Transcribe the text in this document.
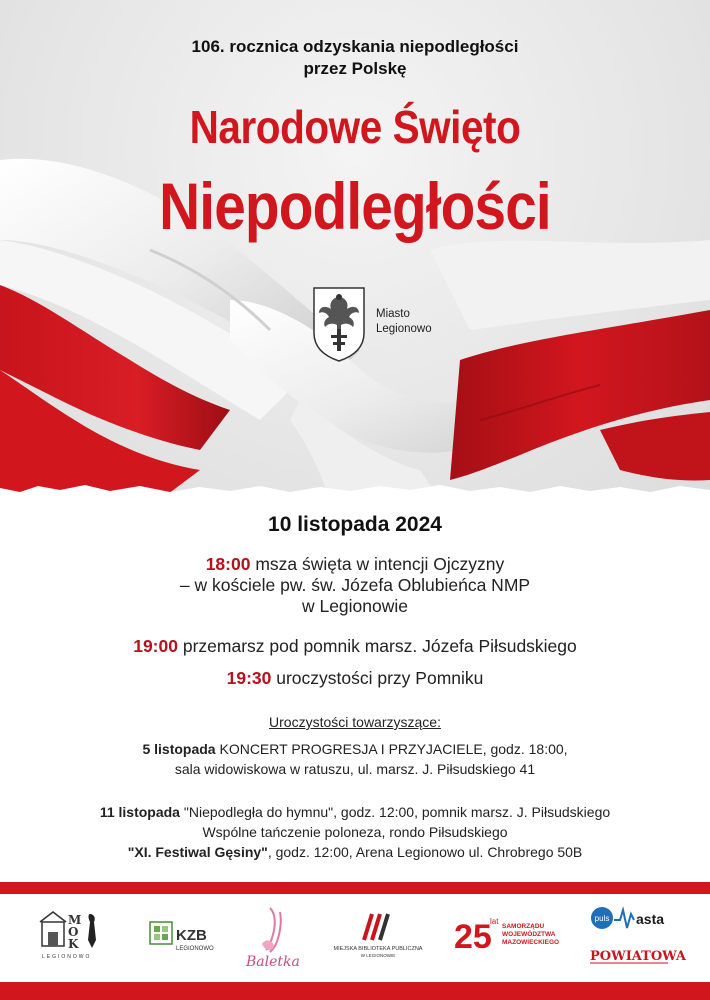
106. rocznica odzyskania niepodległości
przez Polskę
Narodowe Święto
Niepodległości
Miasto
Legionowo
10 listopada 2024
18:00 msza święta w intencji Ojczyzny
– w kościele pw. św. Józefa Oblubieńca NMP
w Legionowie
19:00 przemarsz pod pomnik marsz. Józefa Piłsudskiego
19:30 uroczystości przy Pomniku
Uroczystości towarzyszące:
5 listopada KONCERT PROGRESJA I PRZYJACIELE, godz. 18:00,
sala widowiskowa w ratuszu, ul. marsz. J. Piłsudskiego 41
11 listopada "Niepodległa do hymnu", godz. 12:00, pomnik marsz. J. Piłsudskiego
Wspólne tańczenie poloneza, rondo Piłsudskiego
"XI. Festiwal Gęsiny", godz. 12:00, Arena Legionowo ul. Chrobrego 50B
M
O
K
LEGIONOWO
KZB
LEGIONOWO
Baletka
MIEJSKA BIBLIOTEKA PUBLICZNA
W LEGIONOWIE 25
lat
SAMORZĄDU
WOJEWÓDZTWA
MAZOWIECKIEGO
puls asta
POWIATOWA
